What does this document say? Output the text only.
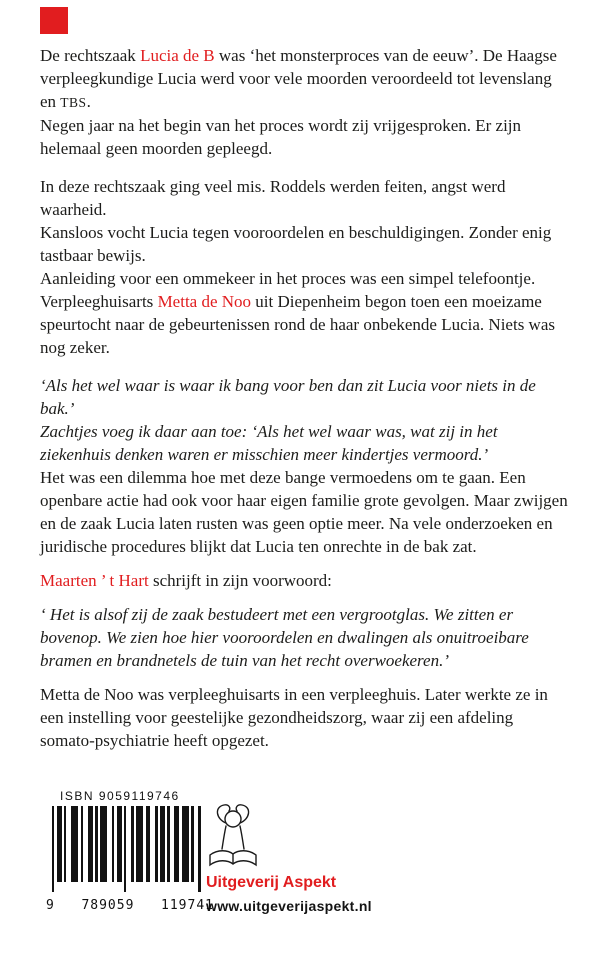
De rechtszaak Lucia de B was ‘het monsterproces van de eeuw’. De Haagse verpleegkundige Lucia werd voor vele moorden veroordeeld tot levenslang en TBS.

Negen jaar na het begin van het proces wordt zij vrijgesproken. Er zijn helemaal geen moorden gepleegd.

In deze rechtszaak ging veel mis. Roddels werden feiten, angst werd waarheid.

Kansloos vocht Lucia tegen vooroordelen en beschuldigingen. Zonder enig tastbaar bewijs.

Aanleiding voor een ommekeer in het proces was een simpel telefoontje. Verpleeghuisarts Metta de Noo uit Diepenheim begon toen een moeizame speurtocht naar de gebeurtenissen rond de haar onbekende Lucia. Niets was nog zeker.

‘Als het wel waar is waar ik bang voor ben dan zit Lucia voor niets in de bak.’

Zachtjes voeg ik daar aan toe: ‘Als het wel waar was, wat zij in het ziekenhuis denken waren er misschien meer kindertjes vermoord.’

Het was een dilemma hoe met deze bange vermoedens om te gaan. Een openbare actie had ook voor haar eigen familie grote gevolgen. Maar zwijgen en de zaak Lucia laten rusten was geen optie meer. Na vele onderzoeken en juridische procedures blijkt dat Lucia ten onrechte in de bak zat.

Maarten ’ t Hart schrijft in zijn voorwoord:

‘ Het is alsof zij de zaak bestudeert met een vergrootglas. We zitten er bovenop. We zien hoe hier vooroordelen en dwalingen als onuitroeibare bramen en brandnetels de tuin van het recht overwoekeren.’

Metta de Noo was verpleeghuisarts in een verpleeghuis. Later werkte ze in een instelling voor geestelijke gezondheidszorg, waar zij een afdeling somato-psychiatrie heeft opgezet.

ISBN 9059119746
9 789059 119741
Uitgeverij Aspekt
www.uitgeverijaspekt.nl
